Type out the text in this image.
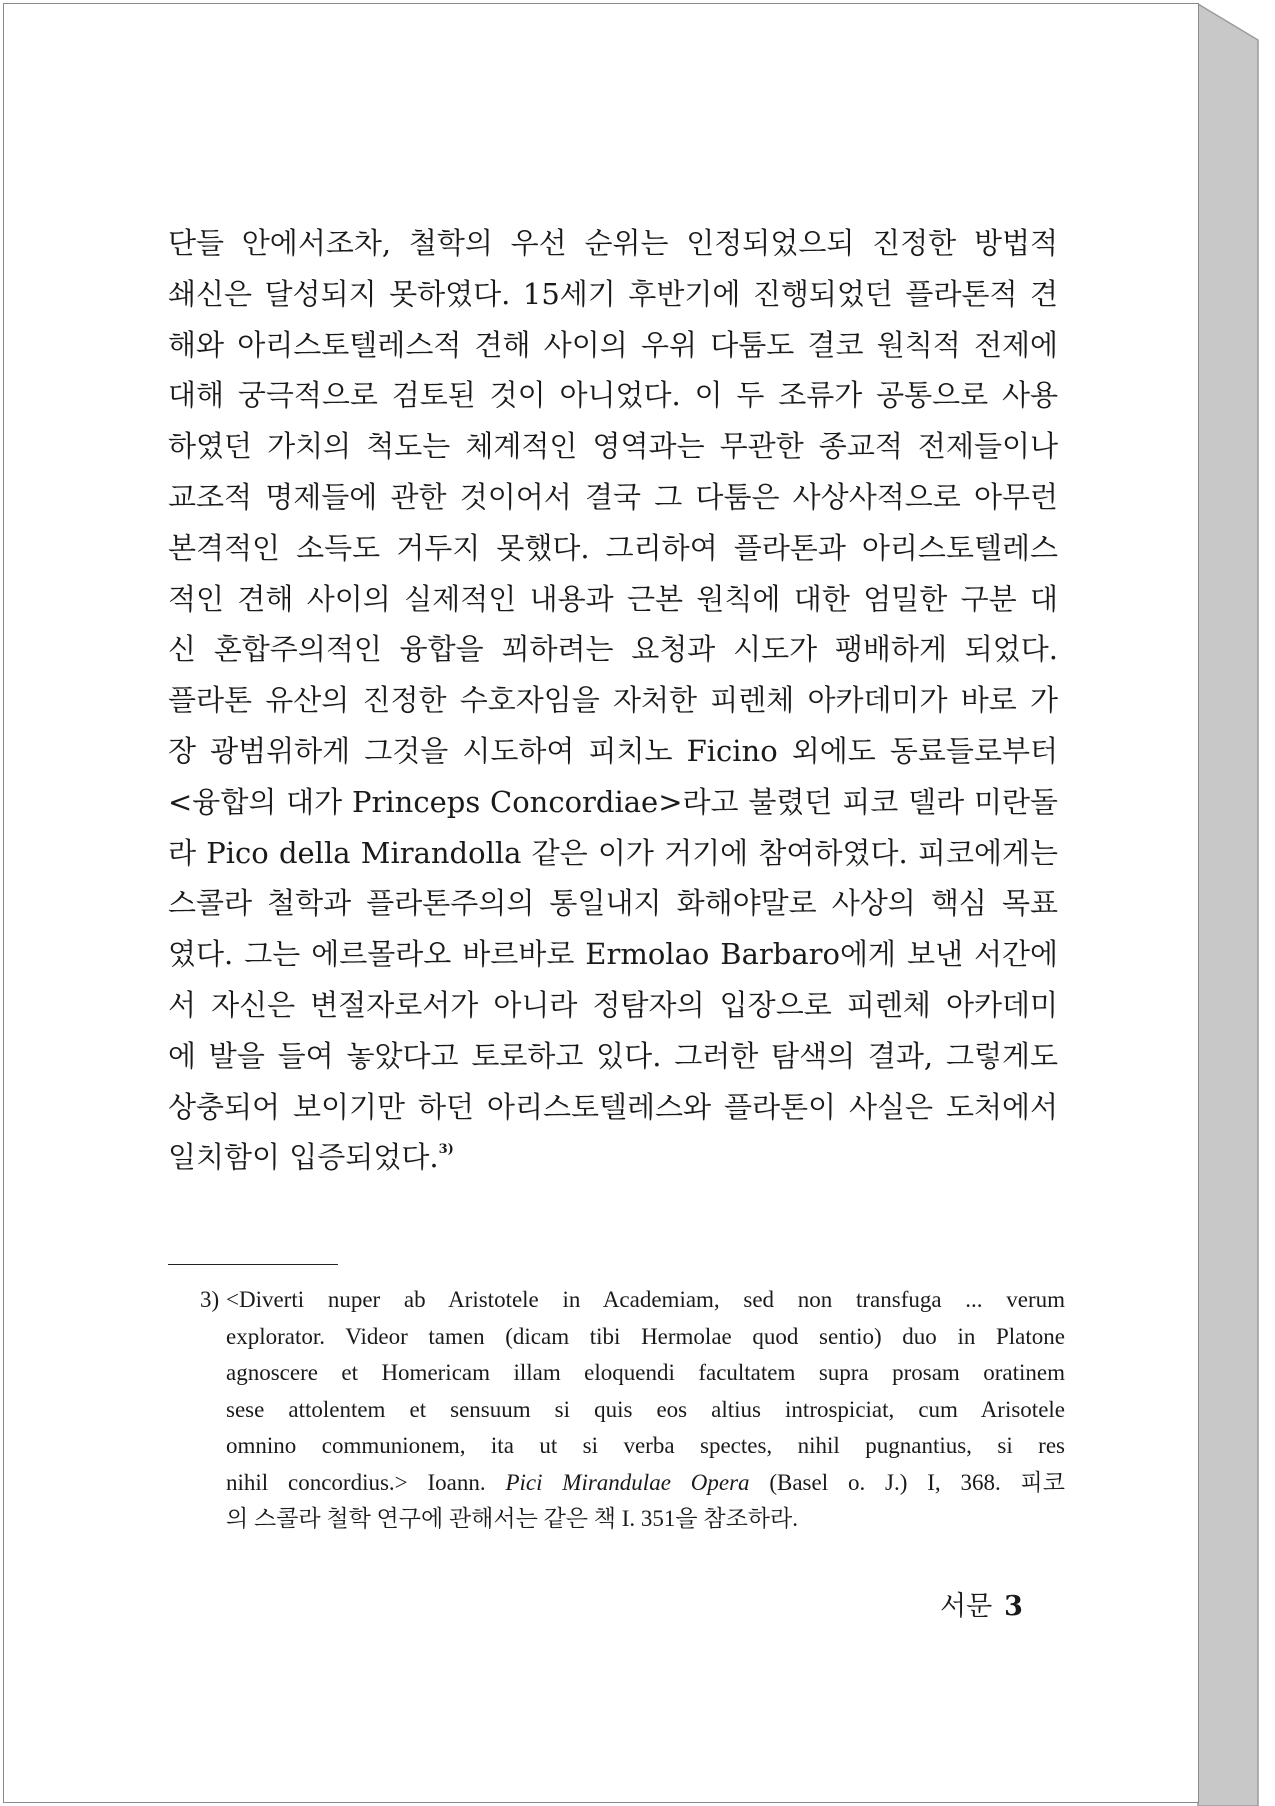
단들 안에서조차, 철학의 우선 순위는 인정되었으되 진정한 방법적
쇄신은 달성되지 못하였다. 15세기 후반기에 진행되었던 플라톤적 견
해와 아리스토텔레스적 견해 사이의 우위 다툼도 결코 원칙적 전제에
대해 궁극적으로 검토된 것이 아니었다. 이 두 조류가 공통으로 사용
하였던 가치의 척도는 체계적인 영역과는 무관한 종교적 전제들이나
교조적 명제들에 관한 것이어서 결국 그 다툼은 사상사적으로 아무런
본격적인 소득도 거두지 못했다. 그리하여 플라톤과 아리스토텔레스
적인 견해 사이의 실제적인 내용과 근본 원칙에 대한 엄밀한 구분 대
신 혼합주의적인 융합을 꾀하려는 요청과 시도가 팽배하게 되었다.
플라톤 유산의 진정한 수호자임을 자처한 피렌체 아카데미가 바로 가
장 광범위하게 그것을 시도하여 피치노 Ficino 외에도 동료들로부터
<융합의 대가 Princeps Concordiae>라고 불렸던 피코 델라 미란돌
라 Pico della Mirandolla 같은 이가 거기에 참여하였다. 피코에게는
스콜라 철학과 플라톤주의의 통일내지 화해야말로 사상의 핵심 목표
였다. 그는 에르몰라오 바르바로 Ermolao Barbaro에게 보낸 서간에
서 자신은 변절자로서가 아니라 정탐자의 입장으로 피렌체 아카데미
에 발을 들여 놓았다고 토로하고 있다. 그러한 탐색의 결과, 그렇게도
상충되어 보이기만 하던 아리스토텔레스와 플라톤이 사실은 도처에서
일치함이 입증되었다.$^{3)}$
3) <Diverti nuper ab Aristotele in Academiam, sed non transfuga ... verum
explorator. Videor tamen (dicam tibi Hermolae quod sentio) duo in Platone
agnoscere et Homericam illam eloquendi facultatem supra prosam oratinem
sese attolentem et sensuum si quis eos altius introspiciat, cum Arisotele
omnino communionem, ita ut si verba spectes, nihil pugnantius, si res
nihil concordius.> Ioann. Pici Mirandulae Opera (Basel o. J.) I, 368. 피코
의 스콜라 철학 연구에 관해서는 같은 책 I. 351을 참조하라.
서문 3
